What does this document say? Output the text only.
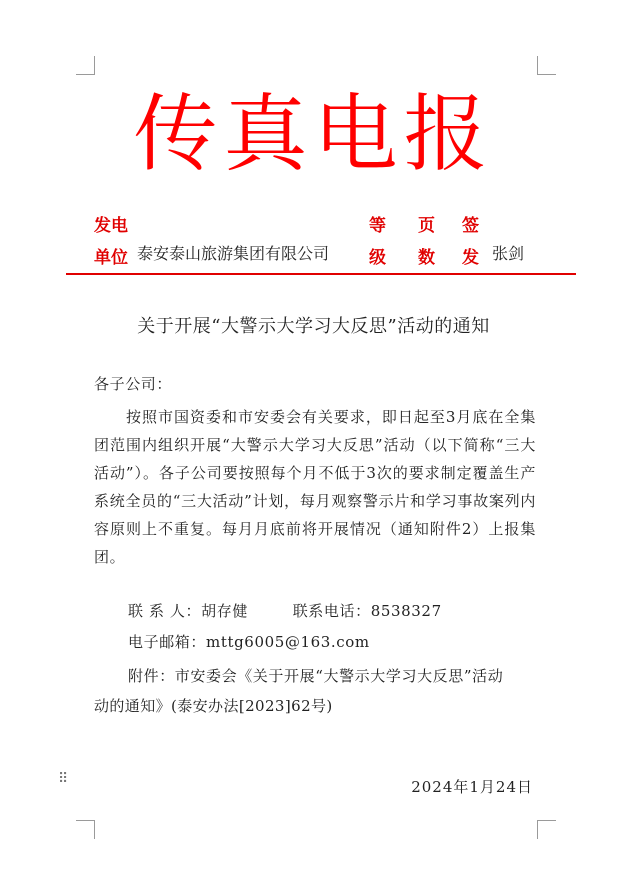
传真电报
发电
单位 泰安泰山旅游集团有限公司
等
级
页
数
签
发 张剑
关于开展“大警示大学习大反思”活动的通知
各子公司：
按照市国资委和市安委会有关要求，即日起至3月底在全集团范围内组织开展“大警示大学习大反思”活动（以下简称“三大活动”）。各子公司要按照每个月不低于3次的要求制定覆盖生产系统全员的“三大活动”计划，每月观察警示片和学习事故案列内容原则上不重复。每月月底前将开展情况（通知附件2）上报集团。
联 系 人：胡存健	联系电话：8538327
电子邮箱：mttg6005@163.com
附件：市安委会《关于开展“大警示大学习大反思”活动
动的通知》(泰安办法[2023]62号)
⠿	2024年1月24日
